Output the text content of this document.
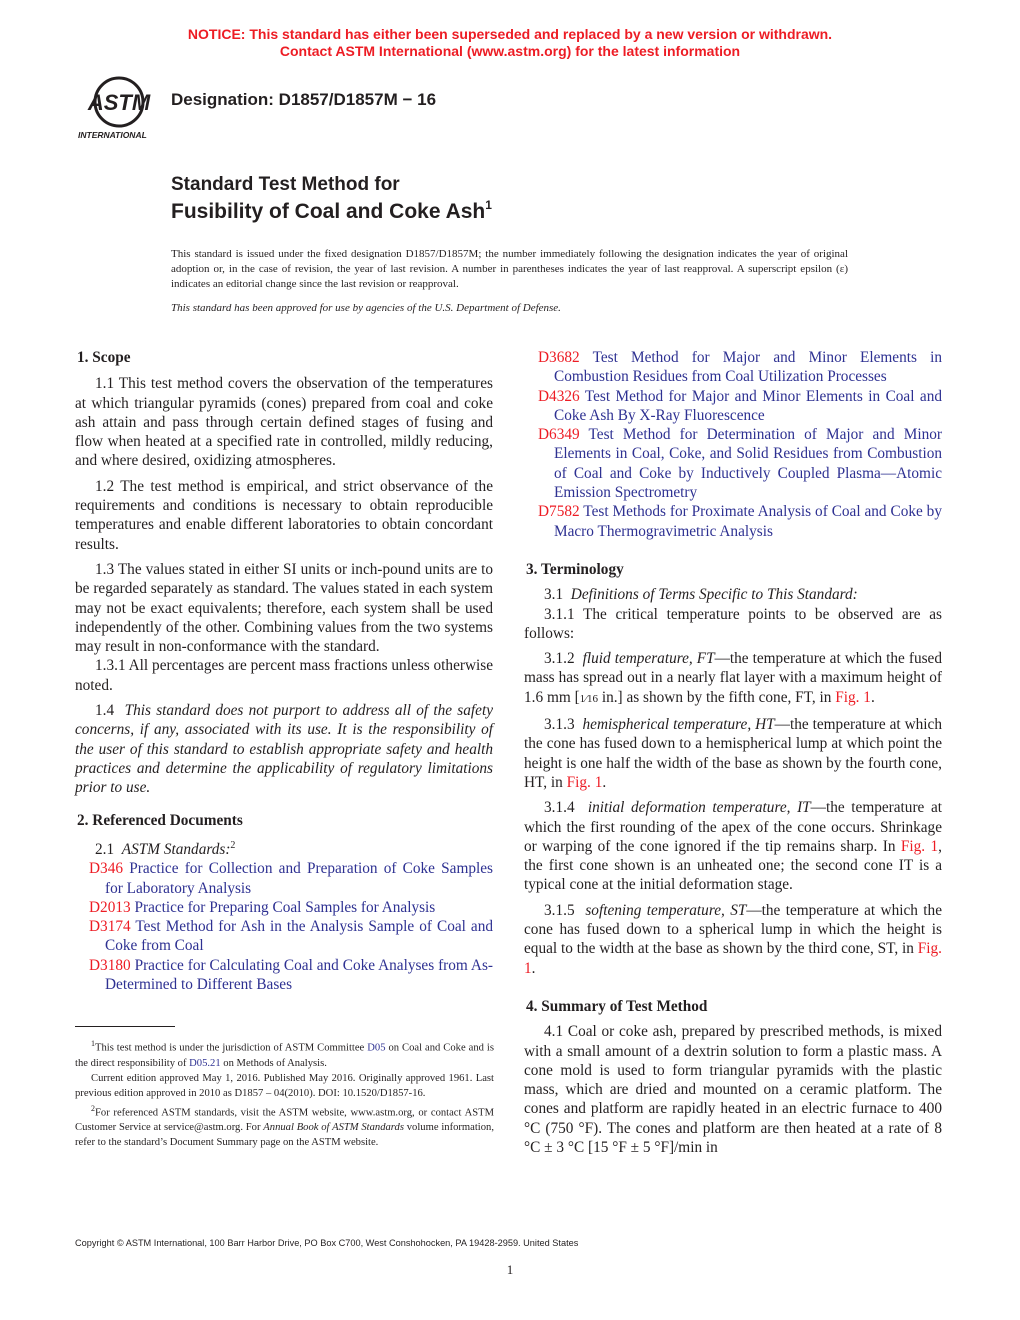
NOTICE: This standard has either been superseded and replaced by a new version or withdrawn.
Contact ASTM International (www.astm.org) for the latest information
ASTM
INTERNATIONAL
Designation: D1857/D1857M − 16
Standard Test Method for
Fusibility of Coal and Coke Ash$^1$
This standard is issued under the fixed designation D1857/D1857M; the number immediately following the designation indicates the year of original adoption or, in the case of revision, the year of last revision. A number in parentheses indicates the year of last reapproval. A superscript epsilon (ε) indicates an editorial change since the last revision or reapproval.
This standard has been approved for use by agencies of the U.S. Department of Defense.
1. Scope

1.1 This test method covers the observation of the temperatures at which triangular pyramids (cones) prepared from coal and coke ash attain and pass through certain defined stages of fusing and flow when heated at a specified rate in controlled, mildly reducing, and where desired, oxidizing atmospheres.

1.2 The test method is empirical, and strict observance of the requirements and conditions is necessary to obtain reproducible temperatures and enable different laboratories to obtain concordant results.

1.3 The values stated in either SI units or inch-pound units are to be regarded separately as standard. The values stated in each system may not be exact equivalents; therefore, each system shall be used independently of the other. Combining values from the two systems may result in non-conformance with the standard.

1.3.1 All percentages are percent mass fractions unless otherwise noted.

1.4 This standard does not purport to address all of the safety concerns, if any, associated with its use. It is the responsibility of the user of this standard to establish appropriate safety and health practices and determine the applicability of regulatory limitations prior to use.

2. Referenced Documents

2.1 ASTM Standards:$^2$

D346 Practice for Collection and Preparation of Coke Samples for Laboratory Analysis

D2013 Practice for Preparing Coal Samples for Analysis

D3174 Test Method for Ash in the Analysis Sample of Coal and Coke from Coal

D3180 Practice for Calculating Coal and Coke Analyses from As-Determined to Different Bases

$^1$This test method is under the jurisdiction of ASTM Committee D05 on Coal and Coke and is the direct responsibility of D05.21 on Methods of Analysis.

Current edition approved May 1, 2016. Published May 2016. Originally approved 1961. Last previous edition approved in 2010 as D1857 – 04(2010). DOI: 10.1520/D1857-16.

$^2$For referenced ASTM standards, visit the ASTM website, www.astm.org, or contact ASTM Customer Service at service@astm.org. For Annual Book of ASTM Standards volume information, refer to the standard’s Document Summary page on the ASTM website.

D3682 Test Method for Major and Minor Elements in Combustion Residues from Coal Utilization Processes

D4326 Test Method for Major and Minor Elements in Coal and Coke Ash By X-Ray Fluorescence

D6349 Test Method for Determination of Major and Minor Elements in Coal, Coke, and Solid Residues from Combustion of Coal and Coke by Inductively Coupled Plasma—Atomic Emission Spectrometry

D7582 Test Methods for Proximate Analysis of Coal and Coke by Macro Thermogravimetric Analysis

3. Terminology

3.1 Definitions of Terms Specific to This Standard:

3.1.1 The critical temperature points to be observed are as follows:

3.1.2 fluid temperature, FT—the temperature at which the fused mass has spread out in a nearly flat layer with a maximum height of 1.6 mm [1⁄16 in.] as shown by the fifth cone, FT, in Fig. 1.

3.1.3 hemispherical temperature, HT—the temperature at which the cone has fused down to a hemispherical lump at which point the height is one half the width of the base as shown by the fourth cone, HT, in Fig. 1.

3.1.4 initial deformation temperature, IT—the temperature at which the first rounding of the apex of the cone occurs. Shrinkage or warping of the cone ignored if the tip remains sharp. In Fig. 1, the first cone shown is an unheated one; the second cone IT is a typical cone at the initial deformation stage.

3.1.5 softening temperature, ST—the temperature at which the cone has fused down to a spherical lump in which the height is equal to the width at the base as shown by the third cone, ST, in Fig. 1.

4. Summary of Test Method

4.1 Coal or coke ash, prepared by prescribed methods, is mixed with a small amount of a dextrin solution to form a plastic mass. A cone mold is used to form triangular pyramids with the plastic mass, which are dried and mounted on a ceramic platform. The cones and platform are rapidly heated in an electric furnace to 400 °C (750 °F). The cones and platform are then heated at a rate of 8 °C ± 3 °C [15 °F ± 5 °F]/min in

Copyright © ASTM International, 100 Barr Harbor Drive, PO Box C700, West Conshohocken, PA 19428-2959. United States
1
